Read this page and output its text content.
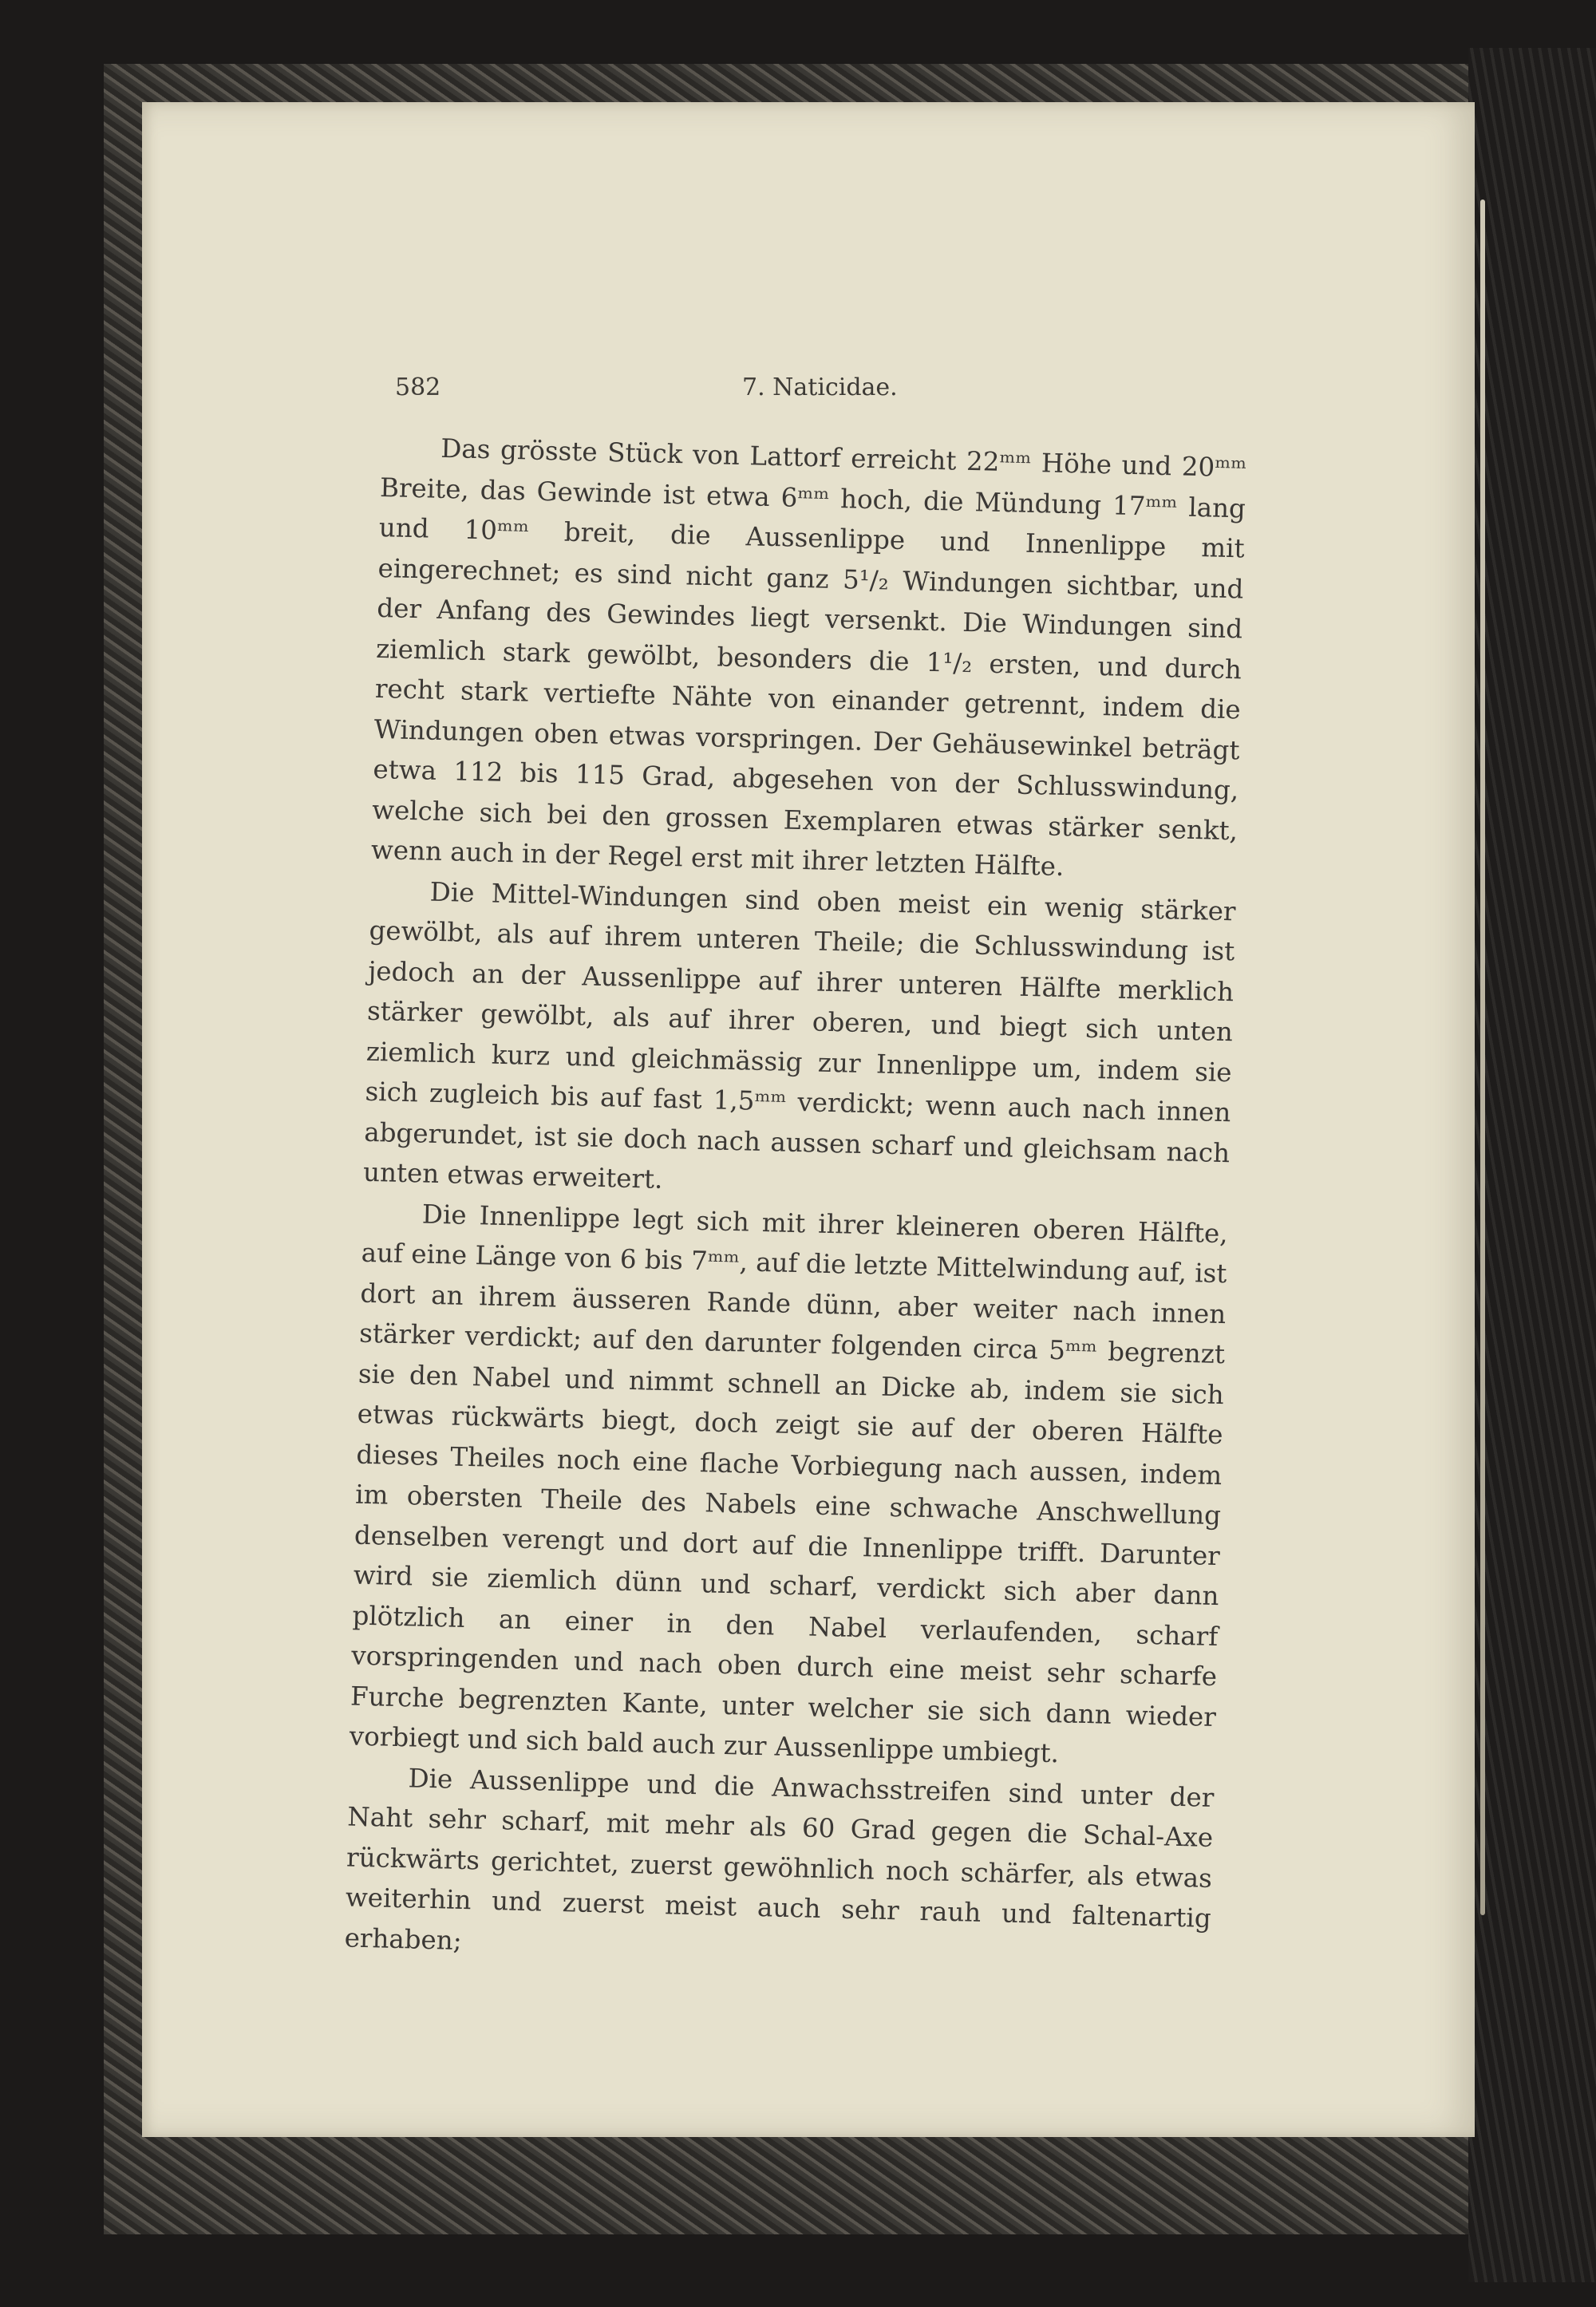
582	7. Naticidae.

Das grösste Stück von Lattorf erreicht 22ᵐᵐ Höhe und 20ᵐᵐ Breite, das Gewinde ist etwa 6ᵐᵐ hoch, die Mündung 17ᵐᵐ lang und 10ᵐᵐ breit, die Aussenlippe und Innenlippe mit eingerechnet; es sind nicht ganz 5¹/₂ Windungen sichtbar, und der Anfang des Gewindes liegt versenkt. Die Windungen sind ziemlich stark gewölbt, besonders die 1¹/₂ ersten, und durch recht stark vertiefte Nähte von einander getrennt, indem die Windungen oben etwas vorspringen. Der Gehäusewinkel beträgt etwa 112 bis 115 Grad, abgesehen von der Schlusswindung, welche sich bei den grossen Exemplaren etwas stärker senkt, wenn auch in der Regel erst mit ihrer letzten Hälfte.

Die Mittel-Windungen sind oben meist ein wenig stärker gewölbt, als auf ihrem unteren Theile; die Schlusswindung ist jedoch an der Aussenlippe auf ihrer unteren Hälfte merklich stärker gewölbt, als auf ihrer oberen, und biegt sich unten ziemlich kurz und gleichmässig zur Innenlippe um, indem sie sich zugleich bis auf fast 1,5ᵐᵐ verdickt; wenn auch nach innen abgerundet, ist sie doch nach aussen scharf und gleichsam nach unten etwas erweitert.

Die Innenlippe legt sich mit ihrer kleineren oberen Hälfte, auf eine Länge von 6 bis 7ᵐᵐ, auf die letzte Mittelwindung auf, ist dort an ihrem äusseren Rande dünn, aber weiter nach innen stärker verdickt; auf den darunter folgenden circa 5ᵐᵐ begrenzt sie den Nabel und nimmt schnell an Dicke ab, indem sie sich etwas rückwärts biegt, doch zeigt sie auf der oberen Hälfte dieses Theiles noch eine flache Vorbiegung nach aussen, indem im obersten Theile des Nabels eine schwache Anschwellung denselben verengt und dort auf die Innenlippe trifft. Darunter wird sie ziemlich dünn und scharf, verdickt sich aber dann plötzlich an einer in den Nabel verlaufenden, scharf vorspringenden und nach oben durch eine meist sehr scharfe Furche begrenzten Kante, unter welcher sie sich dann wieder vorbiegt und sich bald auch zur Aussenlippe umbiegt.

Die Aussenlippe und die Anwachsstreifen sind unter der Naht sehr scharf, mit mehr als 60 Grad gegen die Schal-Axe rückwärts gerichtet, zuerst gewöhnlich noch schärfer, als etwas weiterhin und zuerst meist auch sehr rauh und faltenartig erhaben;
